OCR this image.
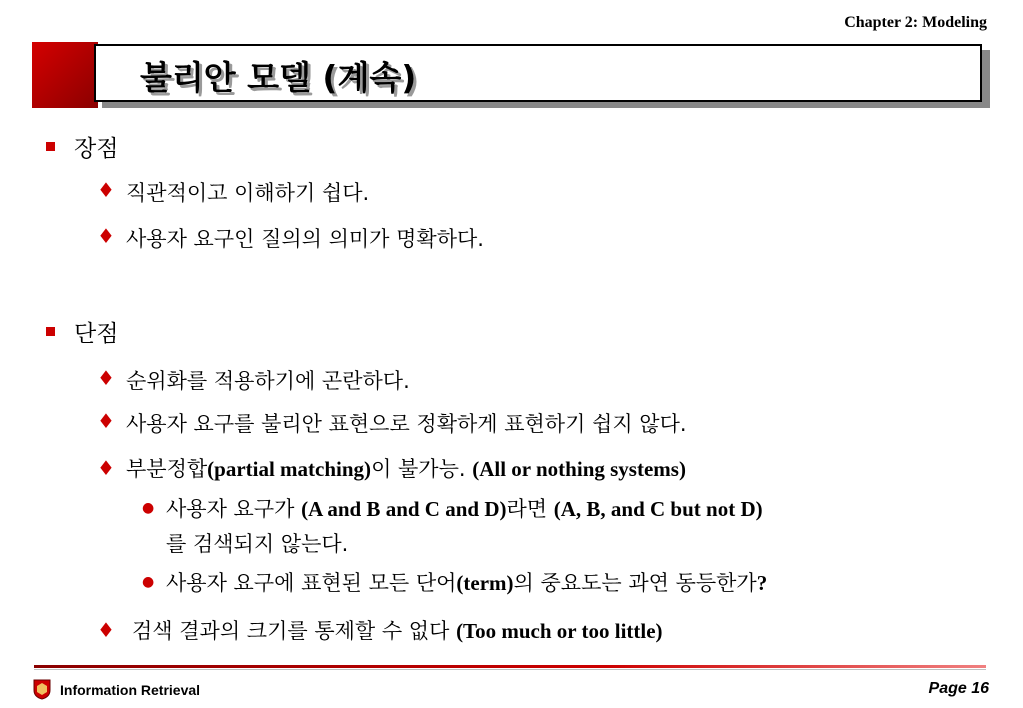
Chapter 2: Modeling
불리안 모델 (계속)
장점
♦ 직관적이고 이해하기 쉽다.
♦ 사용자 요구인 질의의 의미가 명확하다.
단점
♦ 순위화를 적용하기에 곤란하다.
♦ 사용자 요구를 불리안 표현으로 정확하게 표현하기 쉽지 않다.
♦ 부분정합(partial matching)이 불가능. (All or nothing systems)
● 사용자 요구가 (A and B and C and D)라면 (A, B, and C but not D)
를 검색되지 않는다.
● 사용자 요구에 표현된 모든 단어(term)의 중요도는 과연 동등한가?
♦ 검색 결과의 크기를 통제할 수 없다 (Too much or too little)
Information Retrieval	Page 16
